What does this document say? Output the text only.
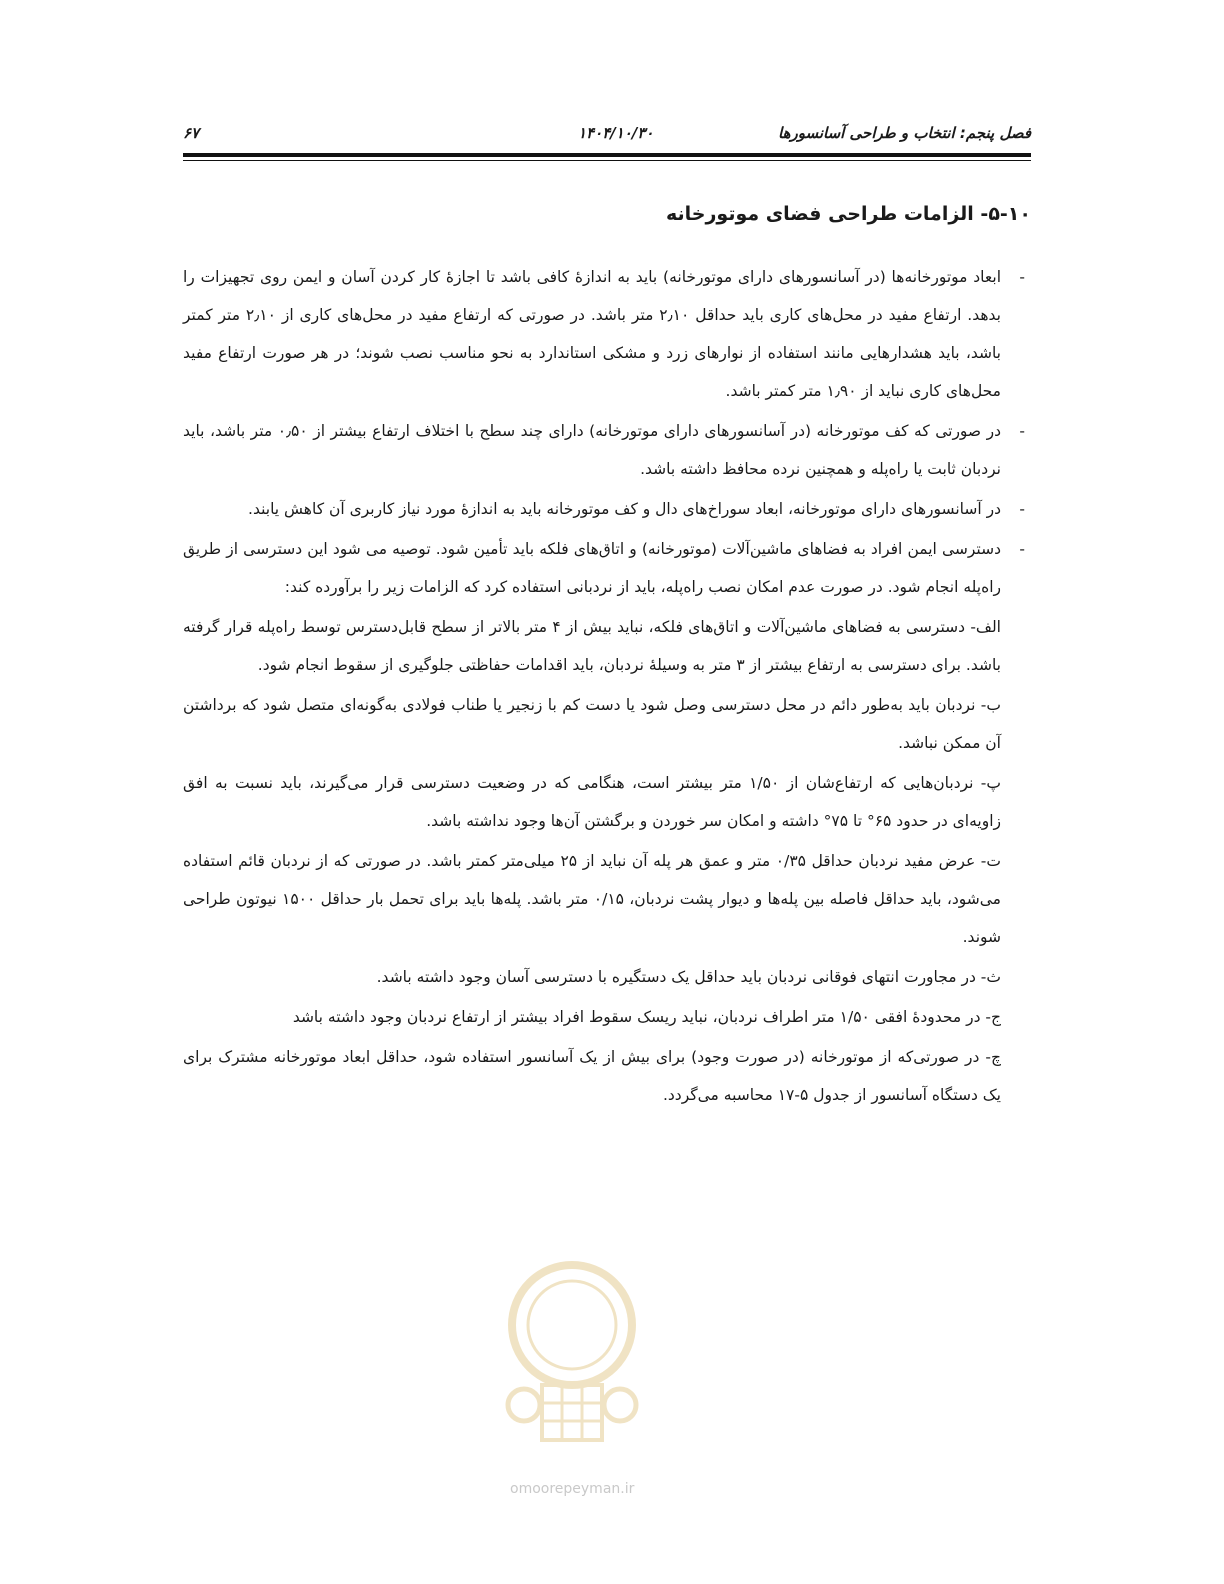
فصل پنجم: انتخاب و طراحی آسانسورها
۱۴۰۴/۱۰/۳۰
۶۷
۵-۱۰- الزامات طراحی فضای موتورخانه

-
ابعاد موتورخانه‌ها (در آسانسورهای دارای موتورخانه) باید به اندازهٔ کافی باشد تا اجازهٔ کار کردن آسان و ایمن روی تجهیزات را بدهد. ارتفاع مفید در محل‌های کاری باید حداقل ۲٫۱۰ متر باشد. در صورتی که ارتفاع مفید در محل‌های کاری از ۲٫۱۰ متر کمتر باشد، باید هشدارهایی مانند استفاده از نوارهای زرد و مشکی استاندارد به نحو مناسب نصب شوند؛ در هر صورت ارتفاع مفید محل‌های کاری نباید از ۱٫۹۰ متر کمتر باشد.

-
در صورتی که کف موتورخانه (در آسانسورهای دارای موتورخانه) دارای چند سطح با اختلاف ارتفاع بیشتر از ۰٫۵۰ متر باشد، باید نردبان ثابت یا راه‌پله و همچنین نرده محافظ داشته باشد.

-
در آسانسورهای دارای موتورخانه، ابعاد سوراخ‌های دال و کف موتورخانه باید به اندازهٔ مورد نیاز کاربری آن کاهش یابند.

-
دسترسی ایمن افراد به فضاهای ماشین‌آلات (موتورخانه) و اتاق‌های فلکه باید تأمین شود. توصیه می شود این دسترسی از طریق راه‌پله انجام شود. در صورت عدم امکان نصب راه‌پله، باید از نردبانی استفاده کرد که الزامات زیر را برآورده کند:

الف- دسترسی به فضاهای ماشین‌آلات و اتاق‌های فلکه، نباید بیش از ۴ متر بالاتر از سطح قابل‌دسترس توسط راه‌پله قرار گرفته باشد. برای دسترسی به ارتفاع بیشتر از ۳ متر به وسیلهٔ نردبان، باید اقدامات حفاظتی جلوگیری از سقوط انجام شود.

ب- نردبان باید به‌طور دائم در محل دسترسی وصل شود یا دست کم با زنجیر یا طناب فولادی به‌گونه‌ای متصل شود که برداشتن آن ممکن نباشد.

پ- نردبان‌هایی که ارتفاع‌شان از ۱/۵۰ متر بیشتر است، هنگامی که در وضعیت دسترسی قرار می‌گیرند، باید نسبت به افق زاویه‌ای در حدود ۶۵° تا ۷۵° داشته و امکان سر خوردن و برگشتن آن‌ها وجود نداشته باشد.

ت- عرض مفید نردبان حداقل ۰/۳۵ متر و عمق هر پله آن نباید از ۲۵ میلی‌متر کمتر باشد. در صورتی که از نردبان قائم استفاده می‌شود، باید حداقل فاصله بین پله‌ها و دیوار پشت نردبان، ۰/۱۵ متر باشد. پله‌ها باید برای تحمل بار حداقل ۱۵۰۰ نیوتون طراحی شوند.

ث- در مجاورت انتهای فوقانی نردبان باید حداقل یک دستگیره با دسترسی آسان وجود داشته باشد.

ج- در محدودهٔ افقی ۱/۵۰ متر اطراف نردبان، نباید ریسک سقوط افراد بیشتر از ارتفاع نردبان وجود داشته باشد

چ- در صورتی‌که از موتورخانه (در صورت وجود) برای بیش از یک آسانسور استفاده شود، حداقل ابعاد موتورخانه مشترک برای یک دستگاه آسانسور از جدول ۵-۱۷ محاسبه می‌گردد.

omoorepeyman.ir
